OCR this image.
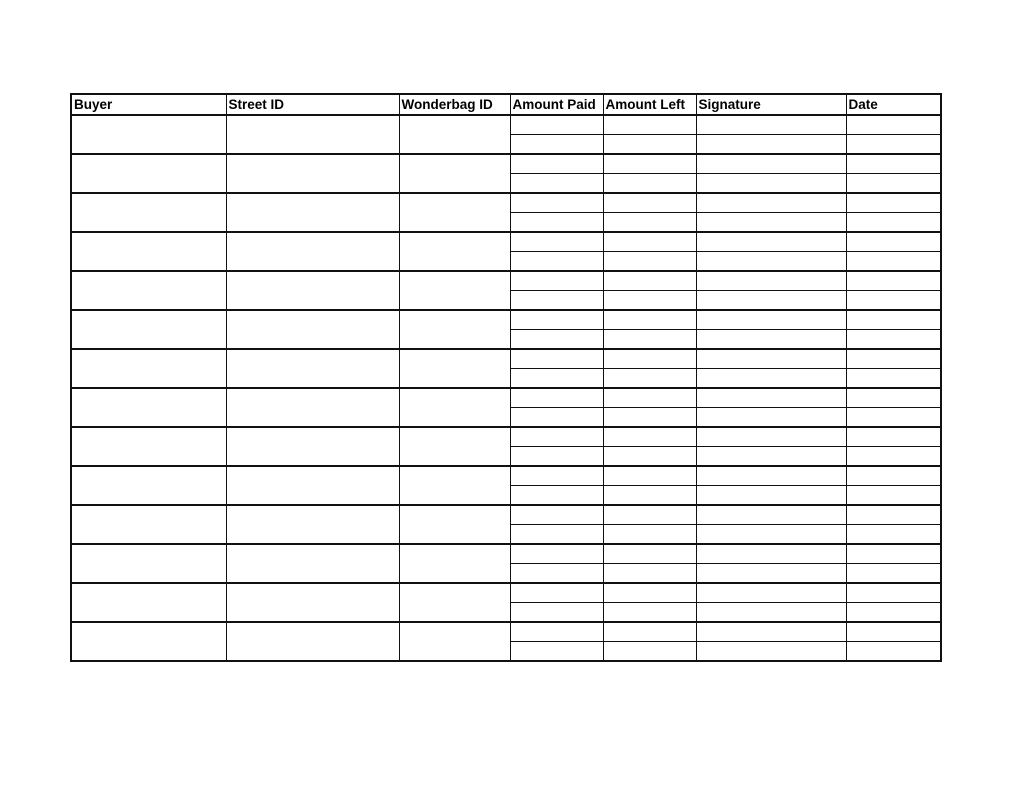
Buyer	Street ID	Wonderbag ID	Amount Paid	Amount Left	Signature	Date
